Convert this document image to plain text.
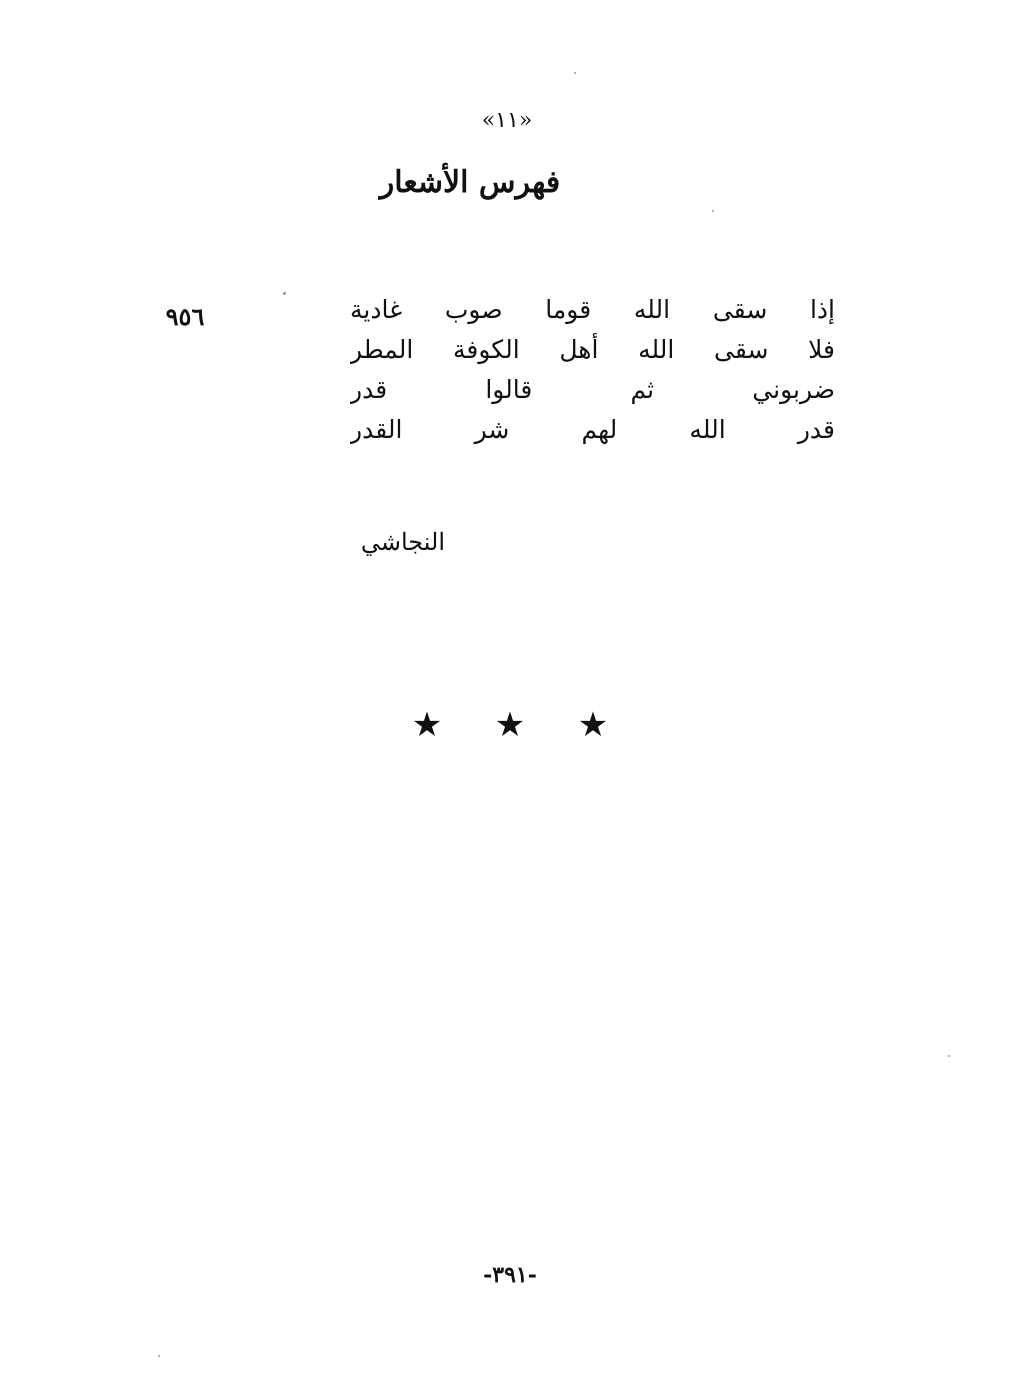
«١١»
فهرس الأشعار
٩٥٦	إذا سقى الله قوما صوب غادية
فلا سقى الله أهل الكوفة المطر
ضربوني ثم قالوا قدر
قدر الله لهم شر القدر
النجاشي
★ ★ ★
-٣٩١-
